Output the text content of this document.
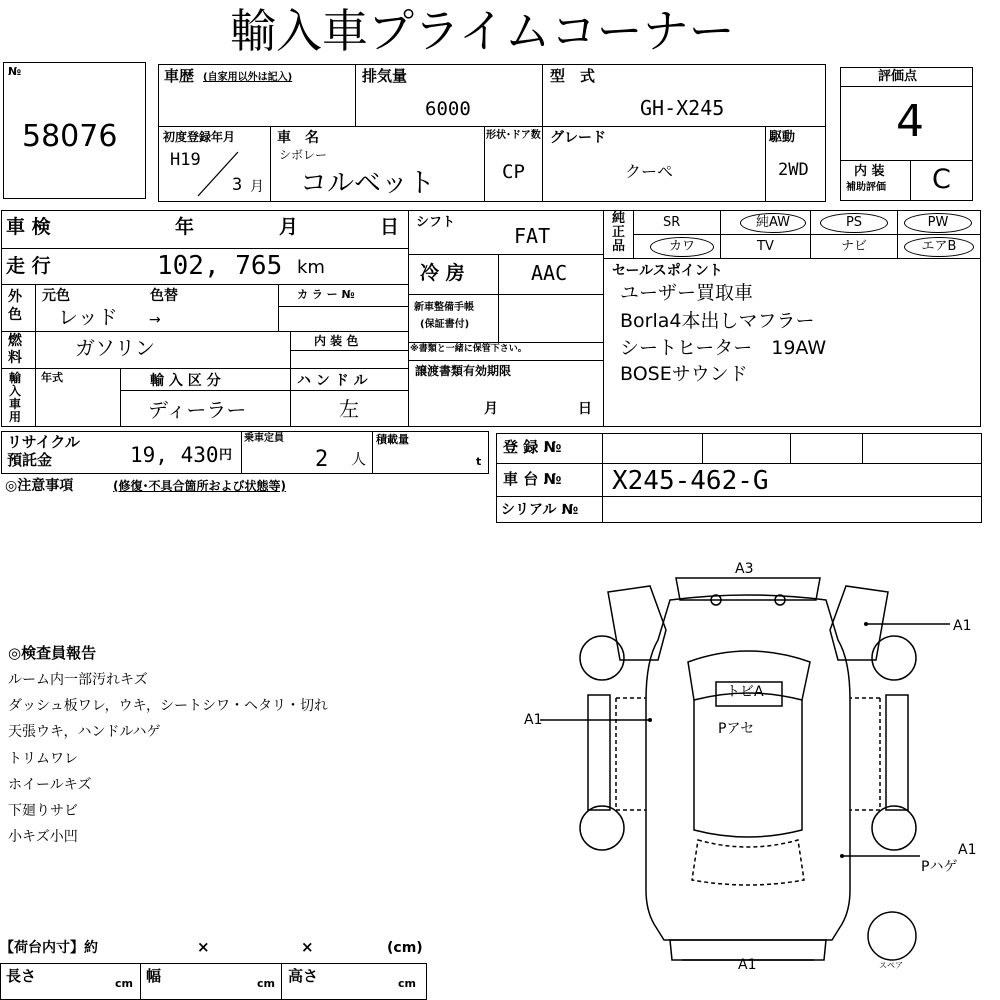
輸入車プライムコーナー
№
58076
車歴 (自家用以外は記入)	排気量
6000
型　式
GH-X245
初度登録年月
H19
3 月
車　名
シボレー
コルベット
形状･ドア数
CP
グレード
クーペ
駆動
2WD
評価点
4
内 装
補助評価 C
車 検	年	月	日
走 行	102, 765 km
外色
元色	色替
レッド →
カ ラ ー №
燃料	ガソリン	内 装 色
輸入車用
年式	輸 入 区 分
ディーラー
ハ ン ド ル
左
シフト
FAT
冷 房	AAC
新車整備手帳
(保証書付)
※書類と一緒に保管下さい。
譲渡書類有効期限
月	日
純正品
SR	純AW	PS	PW
カワ	TV	ナビ	エアB
セールスポイント
ユーザー買取車
Borla4本出しマフラー
シートヒーター　19AW
BOSEサウンド
リサイクル
預託金	19, 430 円
乗車定員
2 人
積載量
t
◎注意事項	(修復･不具合箇所および状態等)
登 録 №
車 台 № X245-462-G
シリアル №
◎検査員報告
ルーム内一部汚れキズ
ダッシュ板ワレ，ウキ，シートシワ・ヘタリ・切れ
天張ウキ，ハンドルハゲ
トリムワレ
ホイールキズ
下廻りサビ
小キズ小凹
【荷台内寸】約	×	×	(cm)
長さ	cm 幅	cm 高さ	cm
A3
A1
A1
トビA
Pアセ
A1
Pハゲ
A1	スペア
